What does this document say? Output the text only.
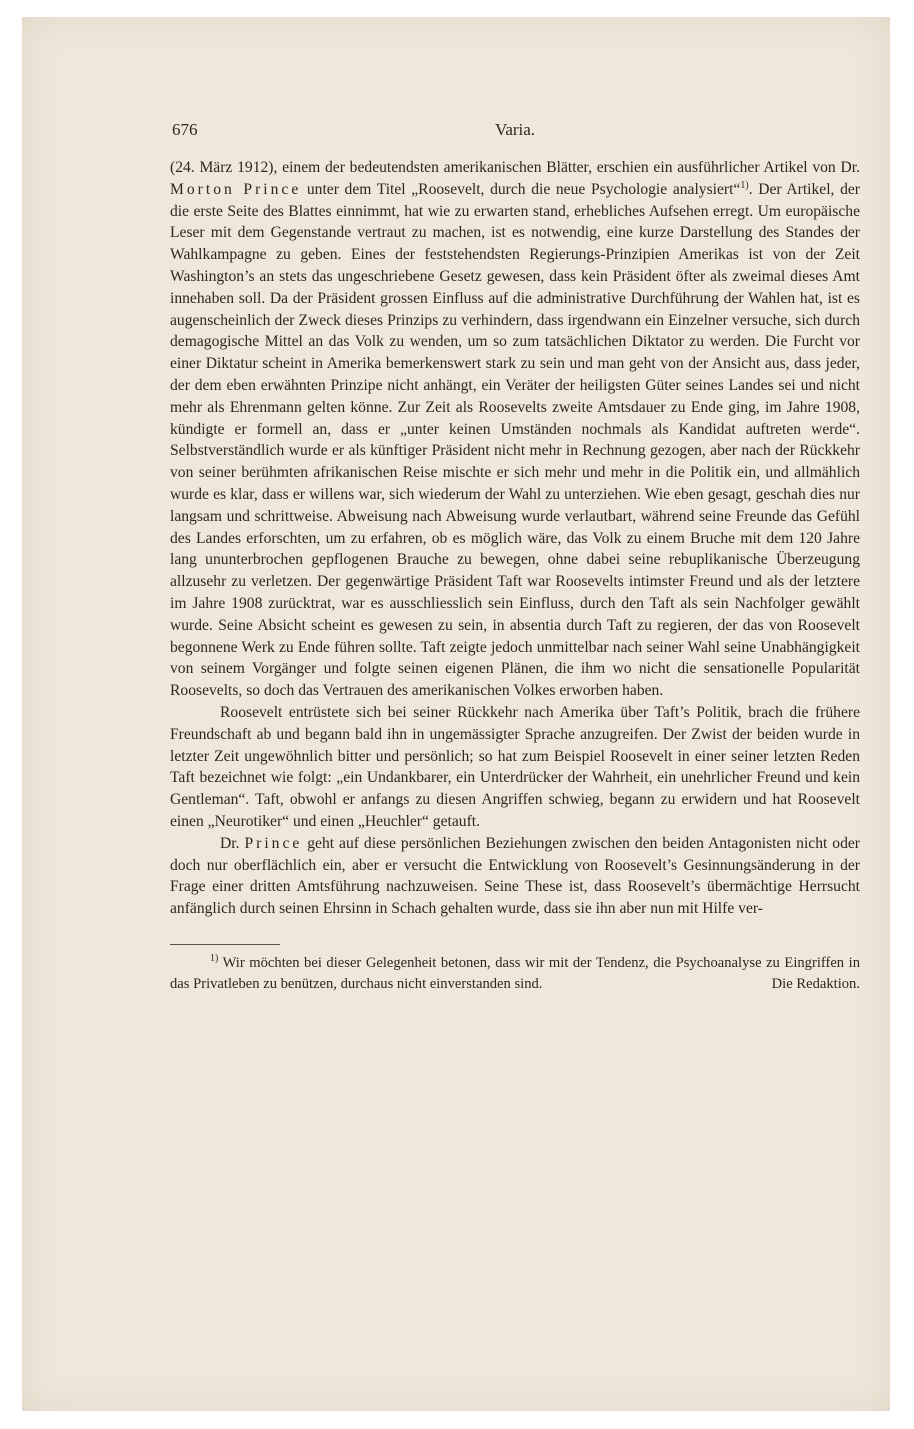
676	Varia.

(24. März 1912), einem der bedeutendsten amerikanischen Blätter, erschien ein ausführlicher Artikel von Dr. Morton Prince unter dem Titel „Roosevelt, durch die neue Psychologie analysiert“$^{1)}$. Der Artikel, der die erste Seite des Blattes einnimmt, hat wie zu erwarten stand, erhebliches Aufsehen erregt. Um europäische Leser mit dem Gegenstande vertraut zu machen, ist es notwendig, eine kurze Darstellung des Standes der Wahlkampagne zu geben. Eines der feststehendsten Regierungs-Prinzipien Amerikas ist von der Zeit Washington’s an stets das ungeschriebene Gesetz gewesen, dass kein Präsident öfter als zweimal dieses Amt innehaben soll. Da der Präsident grossen Einfluss auf die administrative Durchführung der Wahlen hat, ist es augenscheinlich der Zweck dieses Prinzips zu verhindern, dass irgendwann ein Einzelner versuche, sich durch demagogische Mittel an das Volk zu wenden, um so zum tatsächlichen Diktator zu werden. Die Furcht vor einer Diktatur scheint in Amerika bemerkenswert stark zu sein und man geht von der Ansicht aus, dass jeder, der dem eben erwähnten Prinzipe nicht anhängt, ein Veräter der heiligsten Güter seines Landes sei und nicht mehr als Ehrenmann gelten könne. Zur Zeit als Roosevelts zweite Amtsdauer zu Ende ging, im Jahre 1908, kündigte er formell an, dass er „unter keinen Umständen nochmals als Kandidat auftreten werde“. Selbstverständlich wurde er als künftiger Präsident nicht mehr in Rechnung gezogen, aber nach der Rückkehr von seiner berühmten afrikanischen Reise mischte er sich mehr und mehr in die Politik ein, und allmählich wurde es klar, dass er willens war, sich wiederum der Wahl zu unterziehen. Wie eben gesagt, geschah dies nur langsam und schrittweise. Abweisung nach Abweisung wurde verlautbart, während seine Freunde das Gefühl des Landes erforschten, um zu erfahren, ob es möglich wäre, das Volk zu einem Bruche mit dem 120 Jahre lang ununterbrochen gepflogenen Brauche zu bewegen, ohne dabei seine rebuplikanische Überzeugung allzusehr zu verletzen. Der gegenwärtige Präsident Taft war Roosevelts intimster Freund und als der letztere im Jahre 1908 zurücktrat, war es ausschliesslich sein Einfluss, durch den Taft als sein Nachfolger gewählt wurde. Seine Absicht scheint es gewesen zu sein, in absentia durch Taft zu regieren, der das von Roosevelt begonnene Werk zu Ende führen sollte. Taft zeigte jedoch unmittelbar nach seiner Wahl seine Unabhängigkeit von seinem Vorgänger und folgte seinen eigenen Plänen, die ihm wo nicht die sensationelle Popularität Roosevelts, so doch das Vertrauen des amerikanischen Volkes erworben haben.

Roosevelt entrüstete sich bei seiner Rückkehr nach Amerika über Taft’s Politik, brach die frühere Freundschaft ab und begann bald ihn in ungemässigter Sprache anzugreifen. Der Zwist der beiden wurde in letzter Zeit ungewöhnlich bitter und persönlich; so hat zum Beispiel Roosevelt in einer seiner letzten Reden Taft bezeichnet wie folgt: „ein Undankbarer, ein Unterdrücker der Wahrheit, ein unehrlicher Freund und kein Gentleman“. Taft, obwohl er anfangs zu diesen Angriffen schwieg, begann zu erwidern und hat Roosevelt einen „Neurotiker“ und einen „Heuchler“ getauft.

Dr. Prince geht auf diese persönlichen Beziehungen zwischen den beiden Antagonisten nicht oder doch nur oberflächlich ein, aber er versucht die Entwicklung von Roosevelt’s Gesinnungsänderung in der Frage einer dritten Amtsführung nachzuweisen. Seine These ist, dass Roosevelt’s übermächtige Herrsucht anfänglich durch seinen Ehrsinn in Schach gehalten wurde, dass sie ihn aber nun mit Hilfe ver-

$^{1)}$ Wir möchten bei dieser Gelegenheit betonen, dass wir mit der Tendenz, die Psychoanalyse zu Eingriffen in das Privatleben zu benützen, durchaus nicht einverstanden sind.	Die Redaktion.
